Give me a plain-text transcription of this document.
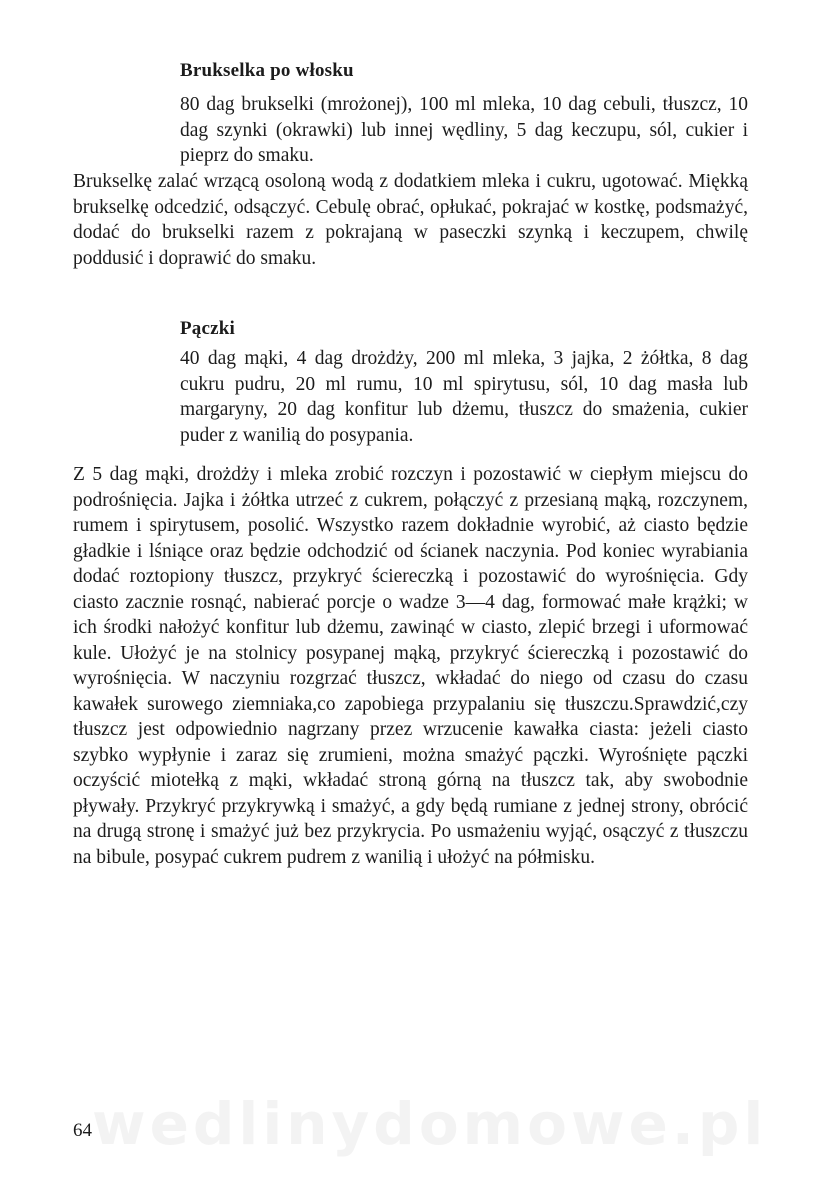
Brukselka po włosku

80 dag brukselki (mrożonej), 100 ml mleka, 10 dag cebuli, tłuszcz, 10 dag szynki (okrawki) lub innej wędliny, 5 dag keczupu, sól, cukier i pieprz do smaku.

Brukselkę zalać wrzącą osoloną wodą z dodatkiem mleka i cukru, ugotować. Miękką brukselkę odcedzić, odsączyć. Cebulę obrać, opłukać, pokrajać w kostkę, podsmażyć, dodać do brukselki razem z pokrajaną w paseczki szynką i keczupem, chwilę poddusić i doprawić do smaku.

Pączki

40 dag mąki, 4 dag drożdży, 200 ml mleka, 3 jajka, 2 żółtka, 8 dag cukru pudru, 20 ml rumu, 10 ml spirytusu, sól, 10 dag masła lub margaryny, 20 dag konfitur lub dżemu, tłuszcz do smażenia, cukier puder z wanilią do posypania.

Z 5 dag mąki, drożdży i mleka zrobić rozczyn i pozostawić w ciepłym miejscu do podrośnięcia. Jajka i żółtka utrzeć z cukrem, połączyć z przesianą mąką, rozczynem, rumem i spirytusem, posolić. Wszystko razem dokładnie wyrobić, aż ciasto będzie gładkie i lśniące oraz będzie odchodzić od ścianek naczynia. Pod koniec wyrabiania dodać roztopiony tłuszcz, przykryć ściereczką i pozostawić do wyrośnięcia. Gdy ciasto zacznie rosnąć, nabierać porcje o wadze 3—4 dag, formować małe krążki; w ich środki nałożyć konfitur lub dżemu, zawinąć w ciasto, zlepić brzegi i uformować kule. Ułożyć je na stolnicy posypanej mąką, przykryć ściereczką i pozostawić do wyrośnięcia. W naczyniu rozgrzać tłuszcz, wkładać do niego od czasu do czasu kawałek surowego ziemniaka,co zapobiega przypalaniu się tłuszczu.Sprawdzić,czy tłuszcz jest odpowiednio nagrzany przez wrzucenie kawałka ciasta: jeżeli ciasto szybko wypłynie i zaraz się zrumieni, można smażyć pączki. Wyrośnięte pączki oczyścić miotełką z mąki, wkładać stroną górną na tłuszcz tak, aby swobodnie pływały. Przykryć przykrywką i smażyć, a gdy będą rumiane z jednej strony, obrócić na drugą stronę i smażyć już bez przykrycia. Po usmażeniu wyjąć, osączyć z tłuszczu na bibule, posypać cukrem pudrem z wanilią i ułożyć na półmisku.

wedlinydomowe.pl
64
